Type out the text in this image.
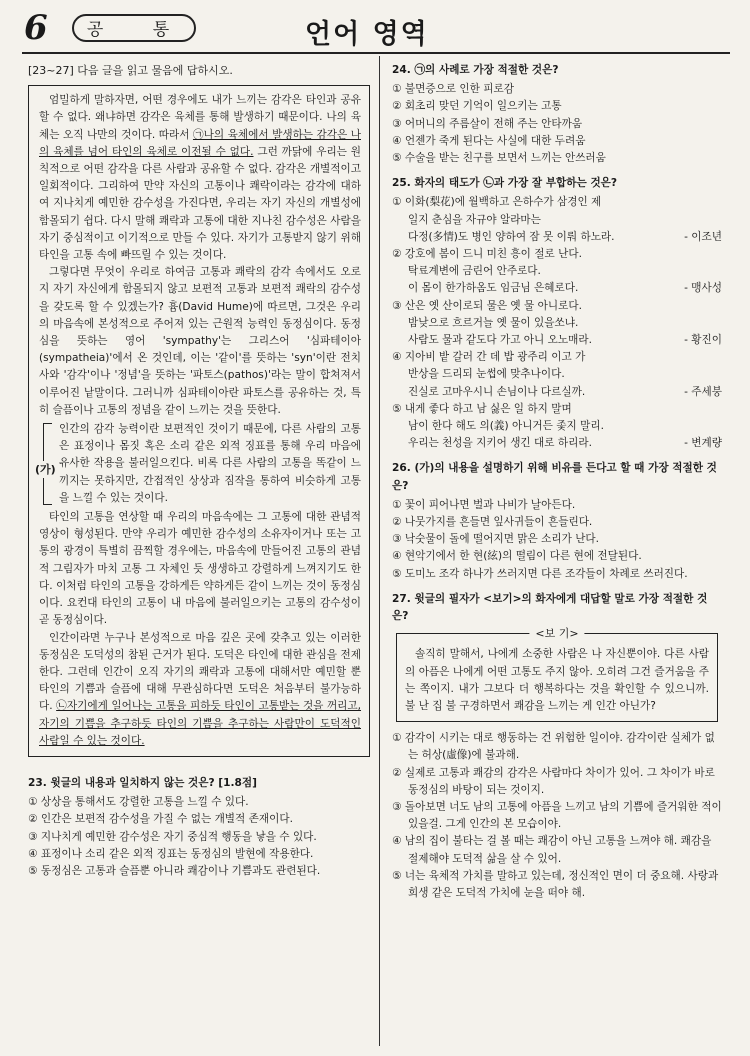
6	공 통	언어 영역
[23~27] 다음 글을 읽고 물음에 답하시오.

엄밀하게 말하자면, 어떤 경우에도 내가 느끼는 감각은 타인과 공유할 수 없다. 왜냐하면 감각은 육체를 통해 발생하기 때문이다. 나의 육체는 오직 나만의 것이다. 따라서 ㉠나의 육체에서 발생하는 감각은 나의 육체를 넘어 타인의 육체로 이전될 수 없다. 그런 까닭에 우리는 원칙적으로 어떤 감각을 다른 사람과 공유할 수 없다. 감각은 개별적이고 일회적이다. 그리하여 만약 자신의 고통이나 쾌락이라는 감각에 대하여 지나치게 예민한 감수성을 가진다면, 우리는 자기 자신의 개별성에 함몰되기 쉽다. 다시 말해 쾌락과 고통에 대한 지나친 감수성은 사람을 자기 중심적이고 이기적으로 만들 수 있다. 자기가 고통받지 않기 위해 타인을 고통 속에 빠뜨릴 수 있는 것이다.

그렇다면 무엇이 우리로 하여금 고통과 쾌락의 감각 속에서도 오로지 자기 자신에게 함몰되지 않고 보편적 고통과 보편적 쾌락의 감수성을 갖도록 할 수 있겠는가? 흄(David Hume)에 따르면, 그것은 우리의 마음속에 본성적으로 주어져 있는 근원적 능력인 동정심이다. 동정심을 뜻하는 영어 'sympathy'는 그리스어 '심파테이아(sympatheia)'에서 온 것인데, 이는 '같이'를 뜻하는 'syn'이란 전치사와 '감각'이나 '정념'을 뜻하는 '파토스(pathos)'라는 말이 합쳐져서 이루어진 낱말이다. 그러니까 심파테이아란 파토스를 공유하는 것, 특히 슬픔이나 고통의 정념을 같이 느끼는 것을 뜻한다.

(가)

인간의 감각 능력이란 보편적인 것이기 때문에, 다른 사람의 고통은 표정이나 몸짓 혹은 소리 같은 외적 징표를 통해 우리 마음에 유사한 작용을 불러일으킨다. 비록 다른 사람의 고통을 똑같이 느끼지는 못하지만, 간접적인 상상과 짐작을 통하여 비슷하게 고통을 느낄 수 있는 것이다.

타인의 고통을 연상할 때 우리의 마음속에는 그 고통에 대한 관념적 영상이 형성된다. 만약 우리가 예민한 감수성의 소유자이거나 또는 고통의 광경이 특별히 끔찍할 경우에는, 마음속에 만들어진 고통의 관념적 그림자가 마치 고통 그 자체인 듯 생생하고 강렬하게 느껴지기도 한다. 이처럼 타인의 고통을 강하게든 약하게든 같이 느끼는 것이 동정심이다. 요컨대 타인의 고통이 내 마음에 불러일으키는 고통의 감수성이 곧 동정심이다.

인간이라면 누구나 본성적으로 마음 깊은 곳에 갖추고 있는 이러한 동정심은 도덕성의 참된 근거가 된다. 도덕은 타인에 대한 관심을 전제한다. 그런데 인간이 오직 자기의 쾌락과 고통에 대해서만 예민할 뿐 타인의 기쁨과 슬픔에 대해 무관심하다면 도덕은 처음부터 불가능하다. ㉡자기에게 일어나는 고통을 피하듯 타인이 고통받는 것을 꺼리고, 자기의 기쁨을 추구하듯 타인의 기쁨을 추구하는 사람만이 도덕적인 사람일 수 있는 것이다.

23. 윗글의 내용과 일치하지 않는 것은? [1.8점]
① 상상을 통해서도 강렬한 고통을 느낄 수 있다.
② 인간은 보편적 감수성을 가질 수 없는 개별적 존재이다.
③ 지나치게 예민한 감수성은 자기 중심적 행동을 낳을 수 있다.
④ 표정이나 소리 같은 외적 징표는 동정심의 발현에 작용한다.
⑤ 동정심은 고통과 슬픔뿐 아니라 쾌감이나 기쁨과도 관련된다.
24. ㉠의 사례로 가장 적절한 것은?
① 불면증으로 인한 피로감
② 회초리 맞던 기억이 일으키는 고통
③ 어머니의 주름살이 전해 주는 안타까움
④ 언젠가 죽게 된다는 사실에 대한 두려움
⑤ 수술을 받는 친구를 보면서 느끼는 안쓰러움
25. 화자의 태도가 ㉡과 가장 잘 부합하는 것은?
① 이화(梨花)에 월백하고 은하수가 삼경인 제
일지 춘심을 자규야 알라마는
다정(多情)도 병인 양하여 잠 못 이뤄 하노라.	- 이조년
② 강호에 봄이 드니 미친 흥이 절로 난다.
탁료계변에 금린어 안주로다.
이 몸이 한가하옴도 임금님 은혜로다.	- 맹사성
③ 산은 옛 산이로되 물은 옛 물 아니로다.
밤낮으로 흐르거늘 옛 물이 있을쏘냐.
사람도 물과 같도다 가고 아니 오노매라.	- 황진이
④ 지아비 밭 갈러 간 데 밥 광주리 이고 가
반상을 드리되 눈썹에 맞추나이다.
진실로 고마우시니 손님이나 다르실까.	- 주세붕
⑤ 내게 좋다 하고 남 싫은 일 하지 말며
남이 한다 해도 의(義) 아니거든 좇지 말리.
우리는 천성을 지키어 생긴 대로 하리라.	- 변계량
26. (가)의 내용을 설명하기 위해 비유를 든다고 할 때 가장 적절한 것은?
① 꽃이 피어나면 벌과 나비가 날아든다.
② 나뭇가지를 흔들면 잎사귀들이 흔들린다.
③ 낙숫물이 돌에 떨어지면 맑은 소리가 난다.
④ 현악기에서 한 현(絃)의 떨림이 다른 현에 전달된다.
⑤ 도미노 조각 하나가 쓰러지면 다른 조각들이 차례로 쓰러진다.
27. 윗글의 필자가 <보기>의 화자에게 대답할 말로 가장 적절한 것은?
<보 기>

솔직히 말해서, 나에게 소중한 사람은 나 자신뿐이야. 다른 사람의 아픔은 나에게 어떤 고통도 주지 않아. 오히려 그건 즐거움을 주는 쪽이지. 내가 그보다 더 행복하다는 것을 확인할 수 있으니까. 불 난 집 불 구경하면서 쾌감을 느끼는 게 인간 아닌가?

① 감각이 시키는 대로 행동하는 건 위험한 일이야. 감각이란 실체가 없는 허상(虛像)에 불과해.
② 실제로 고통과 쾌감의 감각은 사람마다 차이가 있어. 그 차이가 바로 동정심의 바탕이 되는 것이지.
③ 돌아보면 너도 남의 고통에 아픔을 느끼고 남의 기쁨에 즐거워한 적이 있을걸. 그게 인간의 본 모습이야.
④ 남의 집이 불타는 걸 볼 때는 쾌감이 아닌 고통을 느껴야 해. 쾌감을 절제해야 도덕적 삶을 살 수 있어.
⑤ 너는 육체적 가치를 말하고 있는데, 정신적인 면이 더 중요해. 사랑과 희생 같은 도덕적 가치에 눈을 떠야 해.
